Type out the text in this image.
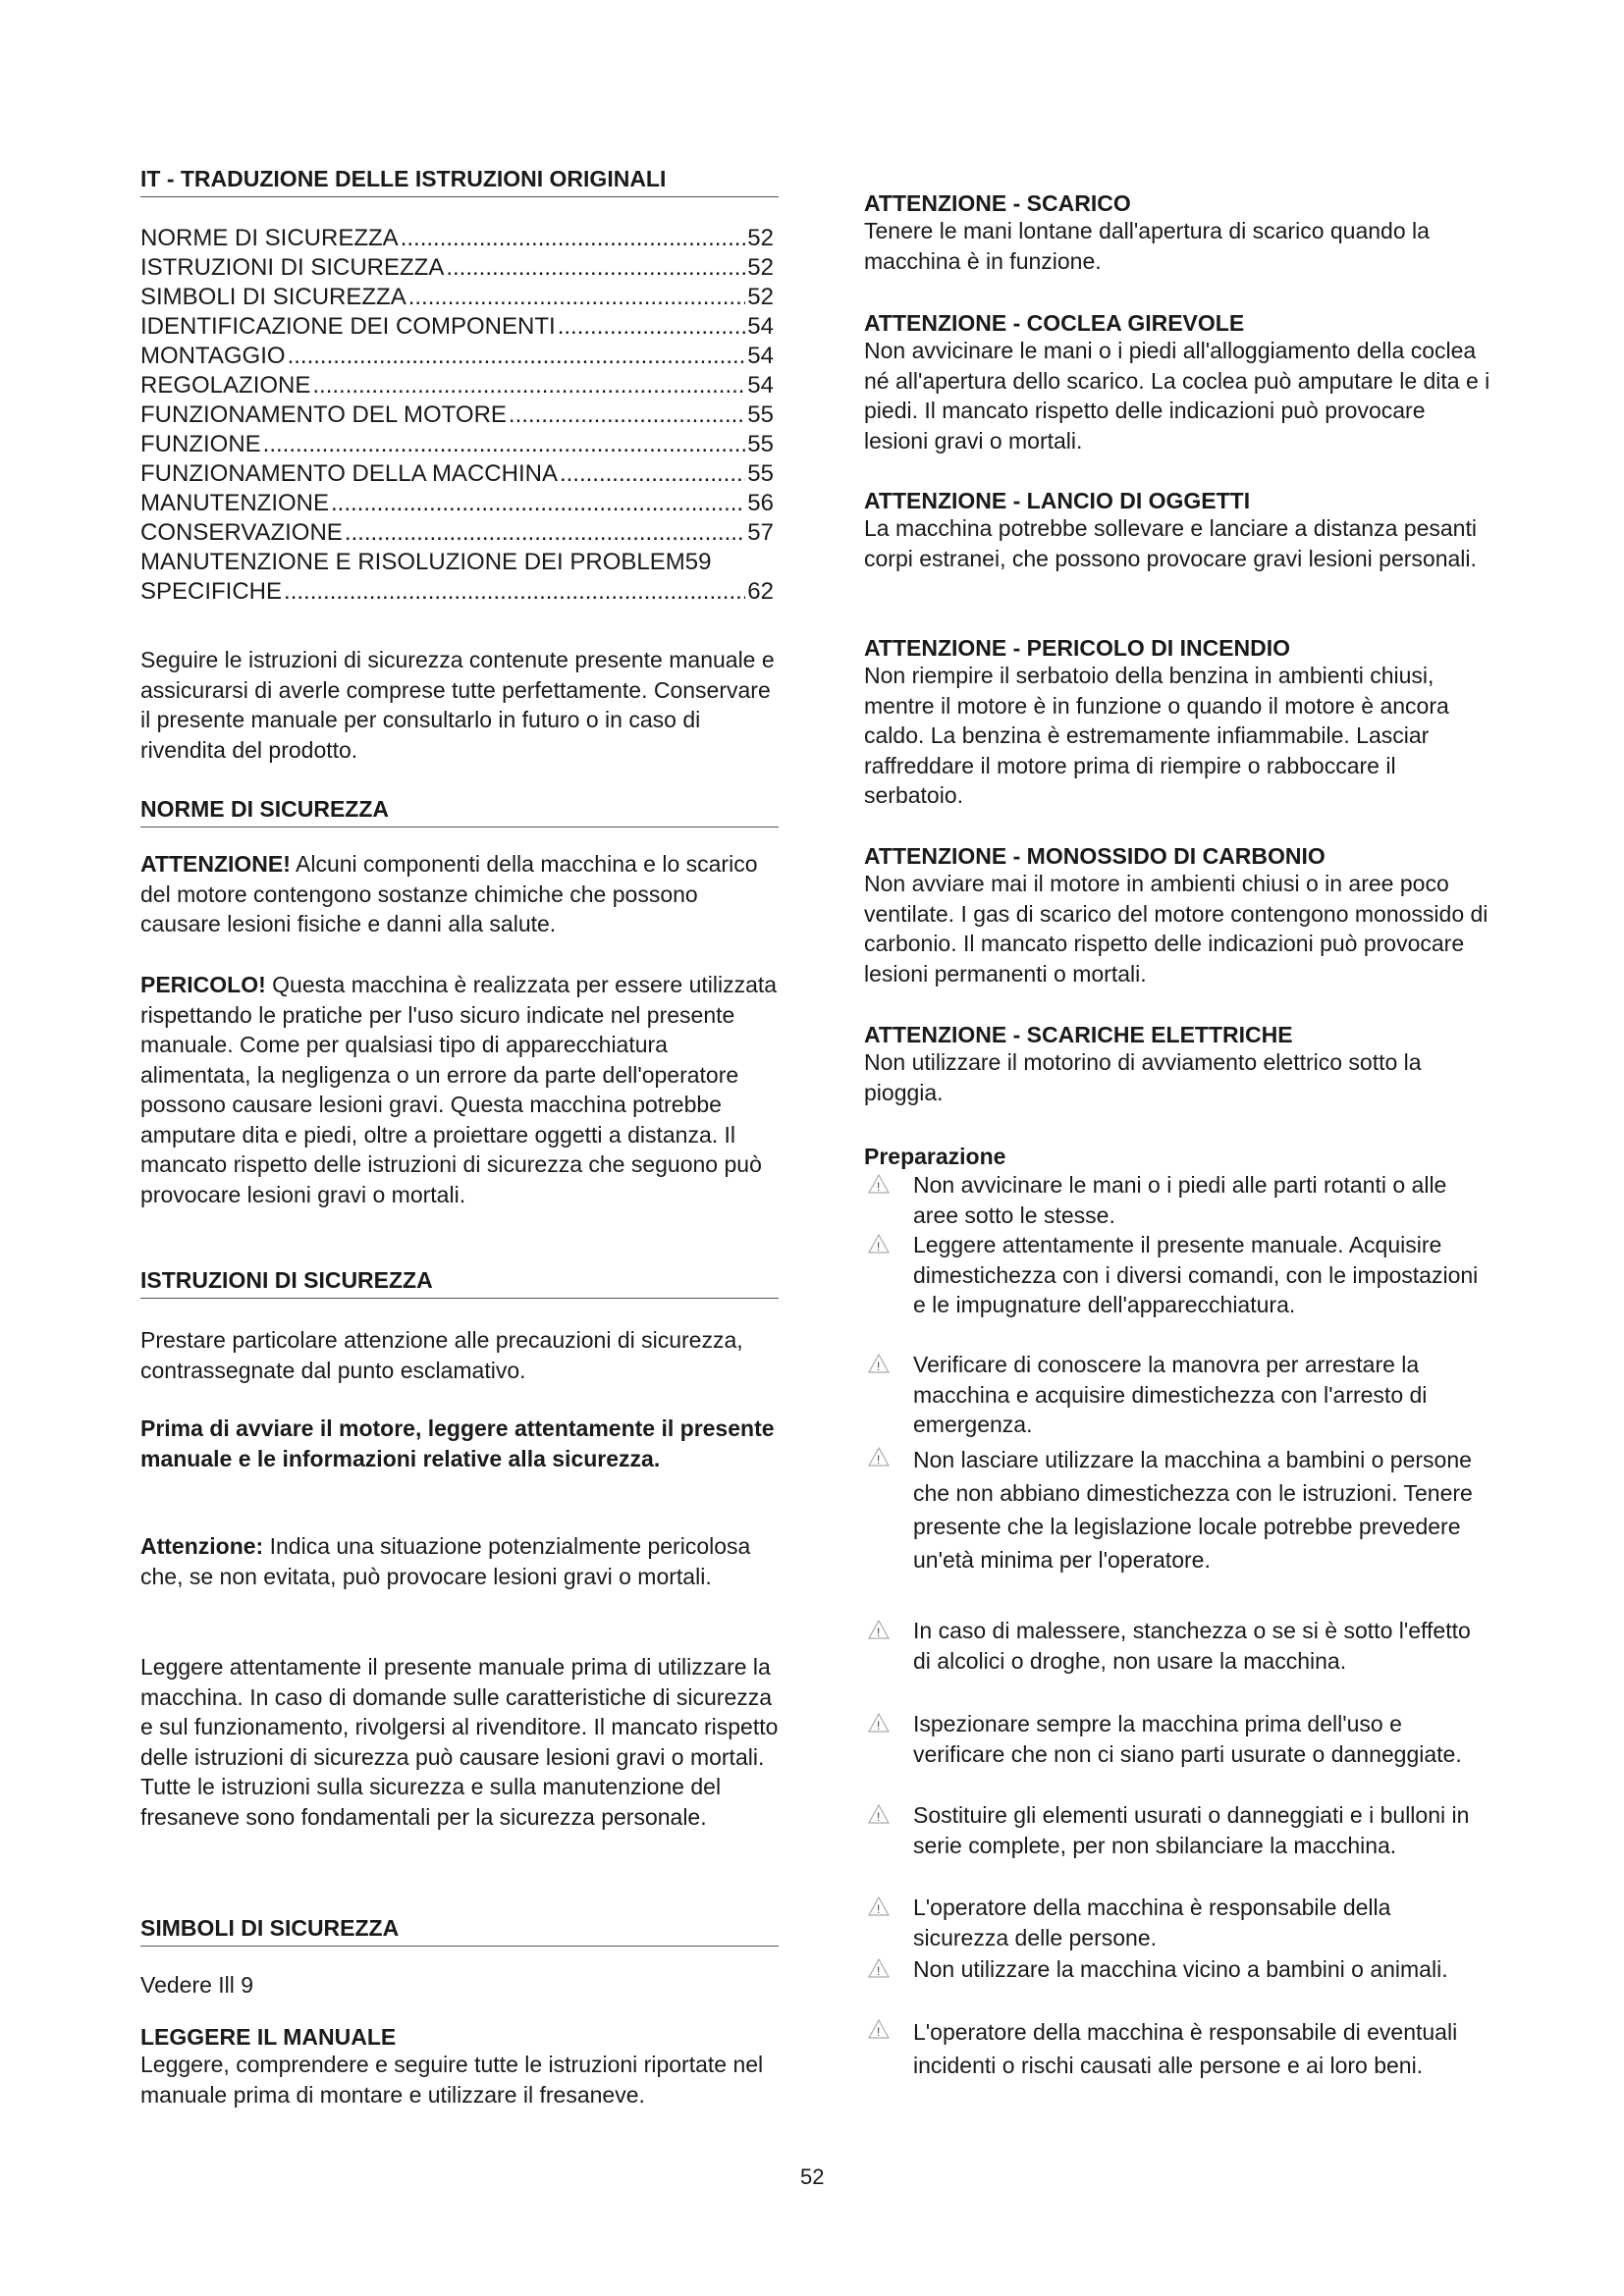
IT - TRADUZIONE DELLE ISTRUZIONI ORIGINALI
NORME DI SICUREZZA .....	52
ISTRUZIONI DI SICUREZZA .....	52
SIMBOLI DI SICUREZZA .....	52
IDENTIFICAZIONE DEI COMPONENTI .....	54
MONTAGGIO .....	54
REGOLAZIONE .....	54
FUNZIONAMENTO DEL MOTORE .....	55
FUNZIONE .....	55
FUNZIONAMENTO DELLA MACCHINA .....	55
MANUTENZIONE .....	56
CONSERVAZIONE .....	57
MANUTENZIONE E RISOLUZIONE DEI PROBLEM 59
SPECIFICHE .....	62
Seguire le istruzioni di sicurezza contenute presente manuale e assicurarsi di averle comprese tutte perfettamente. Conservare il presente manuale per consultarlo in futuro o in caso di rivendita del prodotto.
NORME DI SICUREZZA
ATTENZIONE! Alcuni componenti della macchina e lo scarico del motore contengono sostanze chimiche che possono causare lesioni fisiche e danni alla salute.
PERICOLO! Questa macchina è realizzata per essere utilizzata rispettando le pratiche per l'uso sicuro indicate nel presente manuale. Come per qualsiasi tipo di apparecchiatura alimentata, la negligenza o un errore da parte dell'operatore possono causare lesioni gravi. Questa macchina potrebbe amputare dita e piedi, oltre a proiettare oggetti a distanza. Il mancato rispetto delle istruzioni di sicurezza che seguono può provocare lesioni gravi o mortali.
ISTRUZIONI DI SICUREZZA
Prestare particolare attenzione alle precauzioni di sicurezza, contrassegnate dal punto esclamativo.
Prima di avviare il motore, leggere attentamente il presente manuale e le informazioni relative alla sicurezza.
Attenzione: Indica una situazione potenzialmente pericolosa che, se non evitata, può provocare lesioni gravi o mortali.
Leggere attentamente il presente manuale prima di utilizzare la macchina. In caso di domande sulle caratteristiche di sicurezza e sul funzionamento, rivolgersi al rivenditore. Il mancato rispetto delle istruzioni di sicurezza può causare lesioni gravi o mortali. Tutte le istruzioni sulla sicurezza e sulla manutenzione del fresaneve sono fondamentali per la sicurezza personale.
SIMBOLI DI SICUREZZA
Vedere Ill 9
LEGGERE IL MANUALE
Leggere, comprendere e seguire tutte le istruzioni riportate nel manuale prima di montare e utilizzare il fresaneve.
ATTENZIONE - SCARICO
Tenere le mani lontane dall'apertura di scarico quando la macchina è in funzione.
ATTENZIONE - COCLEA GIREVOLE
Non avvicinare le mani o i piedi all'alloggiamento della coclea né all'apertura dello scarico. La coclea può amputare le dita e i piedi. Il mancato rispetto delle indicazioni può provocare lesioni gravi o mortali.
ATTENZIONE - LANCIO DI OGGETTI
La macchina potrebbe sollevare e lanciare a distanza pesanti corpi estranei, che possono provocare gravi lesioni personali.
ATTENZIONE - PERICOLO DI INCENDIO
Non riempire il serbatoio della benzina in ambienti chiusi, mentre il motore è in funzione o quando il motore è ancora caldo. La benzina è estremamente infiammabile. Lasciar raffreddare il motore prima di riempire o rabboccare il serbatoio.
ATTENZIONE - MONOSSIDO DI CARBONIO
Non avviare mai il motore in ambienti chiusi o in aree poco ventilate. I gas di scarico del motore contengono monossido di carbonio. Il mancato rispetto delle indicazioni può provocare lesioni permanenti o mortali.
ATTENZIONE - SCARICHE ELETTRICHE
Non utilizzare il motorino di avviamento elettrico sotto la pioggia.
Preparazione
! Non avvicinare le mani o i piedi alle parti rotanti o alle aree sotto le stesse.
! Leggere attentamente il presente manuale. Acquisire dimestichezza con i diversi comandi, con le impostazioni e le impugnature dell'apparecchiatura.
! Verificare di conoscere la manovra per arrestare la macchina e acquisire dimestichezza con l'arresto di emergenza.
! Non lasciare utilizzare la macchina a bambini o persone che non abbiano dimestichezza con le istruzioni. Tenere presente che la legislazione locale potrebbe prevedere un'età minima per l'operatore.
! In caso di malessere, stanchezza o se si è sotto l'effetto di alcolici o droghe, non usare la macchina.
! Ispezionare sempre la macchina prima dell'uso e verificare che non ci siano parti usurate o danneggiate.
! Sostituire gli elementi usurati o danneggiati e i bulloni in serie complete, per non sbilanciare la macchina.
! L'operatore della macchina è responsabile della sicurezza delle persone.
! Non utilizzare la macchina vicino a bambini o animali.
! L'operatore della macchina è responsabile di eventuali incidenti o rischi causati alle persone e ai loro beni.
52
